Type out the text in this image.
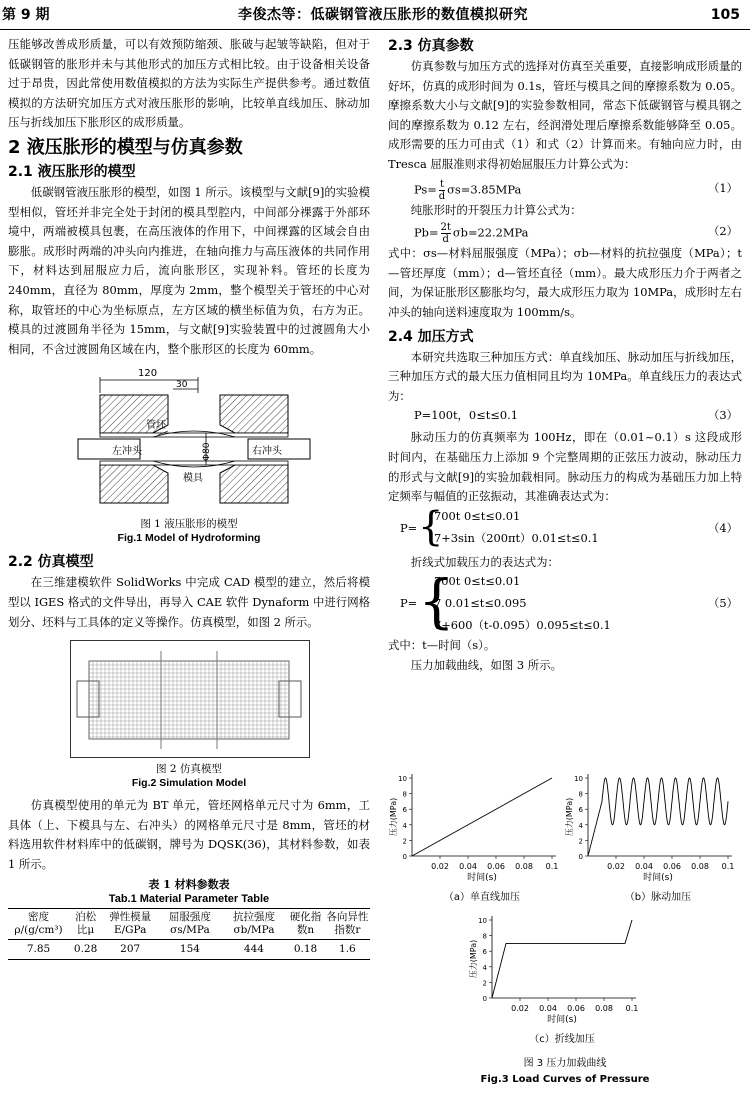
第 9 期	李俊杰等：低碳钢管液压胀形的数值模拟研究	105
压能够改善成形质量，可以有效预防缩颈、胀破与起皱等缺陷，但对于低碳钢管的胀形并未与其他形式的加压方式相比较。由于设备相关设备过于昂贵，因此常使用数值模拟的方法为实际生产提供参考。通过数值模拟的方法研究加压方式对液压胀形的影响，比较单直线加压、脉动加压与折线加压下胀形区的成形质量。
2 液压胀形的模型与仿真参数
2.1 液压胀形的模型
低碳钢管液压胀形的模型，如图 1 所示。该模型与文献[9]的实验模型相似，管坯并非完全处于封闭的模具型腔内，中间部分裸露于外部环境中，两端被模具包裹，在高压液体的作用下，中间裸露的区域会自由膨胀。成形时两端的冲头向内推进，在轴向推力与高压液体的共同作用下，材料达到屈服应力后，流向胀形区，实现补料。管坯的长度为 240mm，直径为 80mm，厚度为 2mm，整个模型关于管坯的中心对称，取管坯的中心为坐标原点，左方区域的横坐标值为负，右方为正。模具的过渡圆角半径为 15mm，与文献[9]实验装置中的过渡圆角大小相同，不含过渡圆角区域在内，整个胀形区的长度为 60mm。
120
30
Φ80
管坯
左冲头	右冲头
模具
图 1 液压胀形的模型
Fig.1 Model of Hydroforming
2.2 仿真模型
在三维建模软件 SolidWorks 中完成 CAD 模型的建立，然后将模型以 IGES 格式的文件导出，再导入 CAE 软件 Dynaform 中进行网格划分、坯料与工具体的定义等操作。仿真模型，如图 2 所示。
图 2 仿真模型
Fig.2 Simulation Model
仿真模型使用的单元为 BT 单元，管坯网格单元尺寸为 6mm，工具体（上、下模具与左、右冲头）的网格单元尺寸是 8mm，管坯的材料选用软件材料库中的低碳钢，牌号为 DQSK(36)，其材料参数，如表 1 所示。
表 1 材料参数表
Tab.1 Material Parameter Table
密度ρ/(g/cm³)	泊松比μ	弹性模量E/GPa	屈服强度σs/MPa	抗拉强度σb/MPa	硬化指数n	各向异性指数r
7.85	0.28	207	154	444	0.18	1.6
2.3 仿真参数
仿真参数与加压方式的选择对仿真至关重要，直接影响成形质量的好坏，仿真的成形时间为 0.1s，管坯与模具之间的摩擦系数为 0.05。摩擦系数大小与文献[9]的实验参数相同，常态下低碳钢管与模具钢之间的摩擦系数为 0.12 左右，经润滑处理后摩擦系数能够降至 0.05。成形需要的压力可由式（1）和式（2）计算而来。有轴向应力时，由 Tresca 屈服准则求得初始屈服压力计算公式为：
$Ps= \frac{t}{d} \sigma s=3.85MPa$	（1）
纯胀形时的开裂压力计算公式为：
$Pb= \frac{2t}{d} \sigma b=22.2MPa$	（2）
式中：σs—材料屈服强度（MPa）；σb—材料的抗拉强度（MPa）；t—管坯厚度（mm）；d—管坯直径（mm）。最大成形压力介于两者之间，为保证胀形区膨胀均匀，最大成形压力取为 10MPa，成形时左右冲头的轴向送料速度取为 100mm/s。
2.4 加压方式
本研究共选取三种加压方式：单直线加压、脉动加压与折线加压，三种加压方式的最大压力值相同且均为 10MPa。单直线压力的表达式为：
P=100t，0≤t≤0.1	（3）
脉动压力的仿真频率为 100Hz，即在（0.01~0.1）s 这段成形时间内，在基础压力上添加 9 个完整周期的正弦压力波动，脉动压力的形式与文献[9]的实验加载相同。脉动压力的构成为基础压力加上特定频率与幅值的正弦振动，其准确表达式为：
P= {
700t 0≤t≤0.01
7+3sin（200πt）0.01≤t≤0.1
（4）
折线式加载压力的表达式为：
P= {
700t 0≤t≤0.01
7 0.01≤t≤0.095
7+600（t-0.095）0.095≤t≤0.1
（5）
式中：t—时间（s）。
压力加载曲线，如图 3 所示。
0.02 0.04 0.06 0.08 0.1
0
2
4
6
8
10
时间(s)
压力(MPa)
（a）单直线加压
0.02 0.04 0.06 0.08 0.1
0
2
4
6
8
10
时间(s)
压力(MPa)
（b）脉动加压
0.02 0.04 0.06 0.08 0.1
0
2
4
6
8
10
时间(s)
压力(MPa)
（c）折线加压
图 3 压力加载曲线
Fig.3 Load Curves of Pressure
